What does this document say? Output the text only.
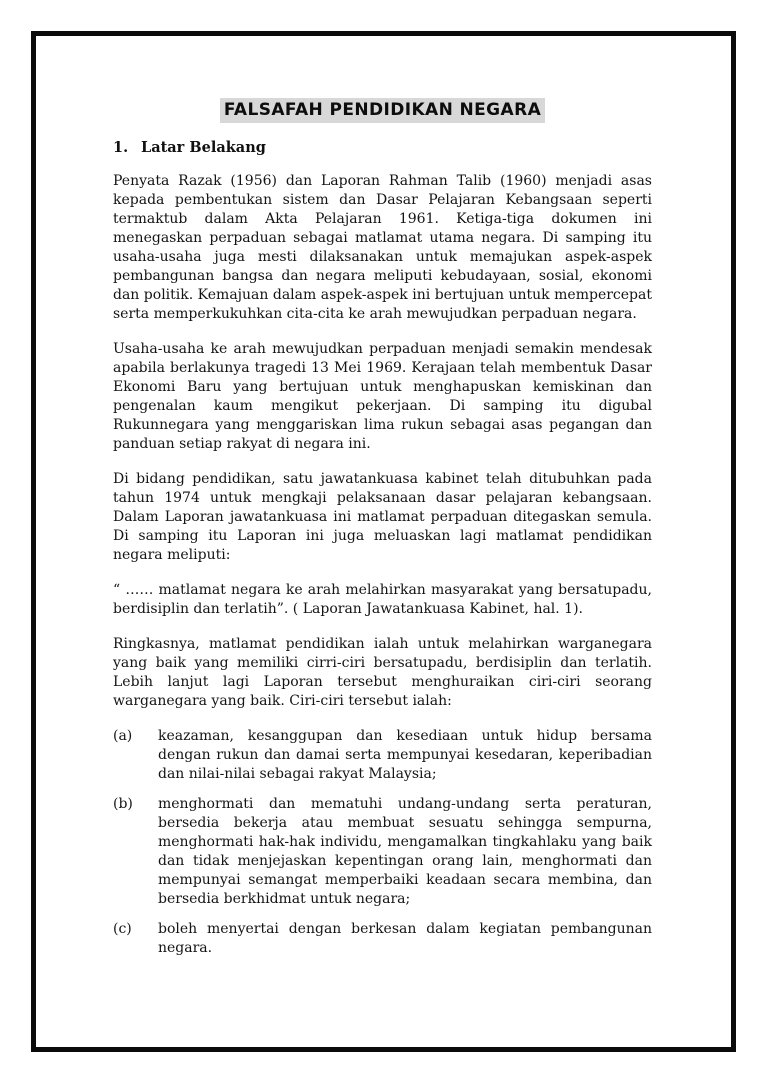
FALSAFAH PENDIDIKAN NEGARA
1. Latar Belakang

Penyata Razak (1956) dan Laporan Rahman Talib (1960) menjadi asas kepada pembentukan sistem dan Dasar Pelajaran Kebangsaan seperti termaktub dalam Akta Pelajaran 1961. Ketiga-tiga dokumen ini menegaskan perpaduan sebagai matlamat utama negara. Di samping itu usaha-usaha juga mesti dilaksanakan untuk memajukan aspek-aspek pembangunan bangsa dan negara meliputi kebudayaan, sosial, ekonomi dan politik. Kemajuan dalam aspek-aspek ini bertujuan untuk mempercepat serta memperkukuhkan cita-cita ke arah mewujudkan perpaduan negara.

Usaha-usaha ke arah mewujudkan perpaduan menjadi semakin mendesak apabila berlakunya tragedi 13 Mei 1969. Kerajaan telah membentuk Dasar Ekonomi Baru yang bertujuan untuk menghapuskan kemiskinan dan pengenalan kaum mengikut pekerjaan. Di samping itu digubal Rukunnegara yang menggariskan lima rukun sebagai asas pegangan dan panduan setiap rakyat di negara ini.

Di bidang pendidikan, satu jawatankuasa kabinet telah ditubuhkan pada tahun 1974 untuk mengkaji pelaksanaan dasar pelajaran kebangsaan. Dalam Laporan jawatankuasa ini matlamat perpaduan ditegaskan semula. Di samping itu Laporan ini juga meluaskan lagi matlamat pendidikan negara meliputi:

“ …… matlamat negara ke arah melahirkan masyarakat yang bersatupadu, berdisiplin dan terlatih”. ( Laporan Jawatankuasa Kabinet, hal. 1).

Ringkasnya, matlamat pendidikan ialah untuk melahirkan warganegara yang baik yang memiliki cirri-ciri bersatupadu, berdisiplin dan terlatih. Lebih lanjut lagi Laporan tersebut menghuraikan ciri-ciri seorang warganegara yang baik. Ciri-ciri tersebut ialah:

(a)	keazaman, kesanggupan dan kesediaan untuk hidup bersama dengan rukun dan damai serta mempunyai kesedaran, keperibadian dan nilai-nilai sebagai rakyat Malaysia;
(b)	menghormati dan mematuhi undang-undang serta peraturan, bersedia bekerja atau membuat sesuatu sehingga sempurna, menghormati hak-hak individu, mengamalkan tingkahlaku yang baik dan tidak menjejaskan kepentingan orang lain, menghormati dan mempunyai semangat memperbaiki keadaan secara membina, dan bersedia berkhidmat untuk negara;
(c)	boleh menyertai dengan berkesan dalam kegiatan pembangunan negara.
